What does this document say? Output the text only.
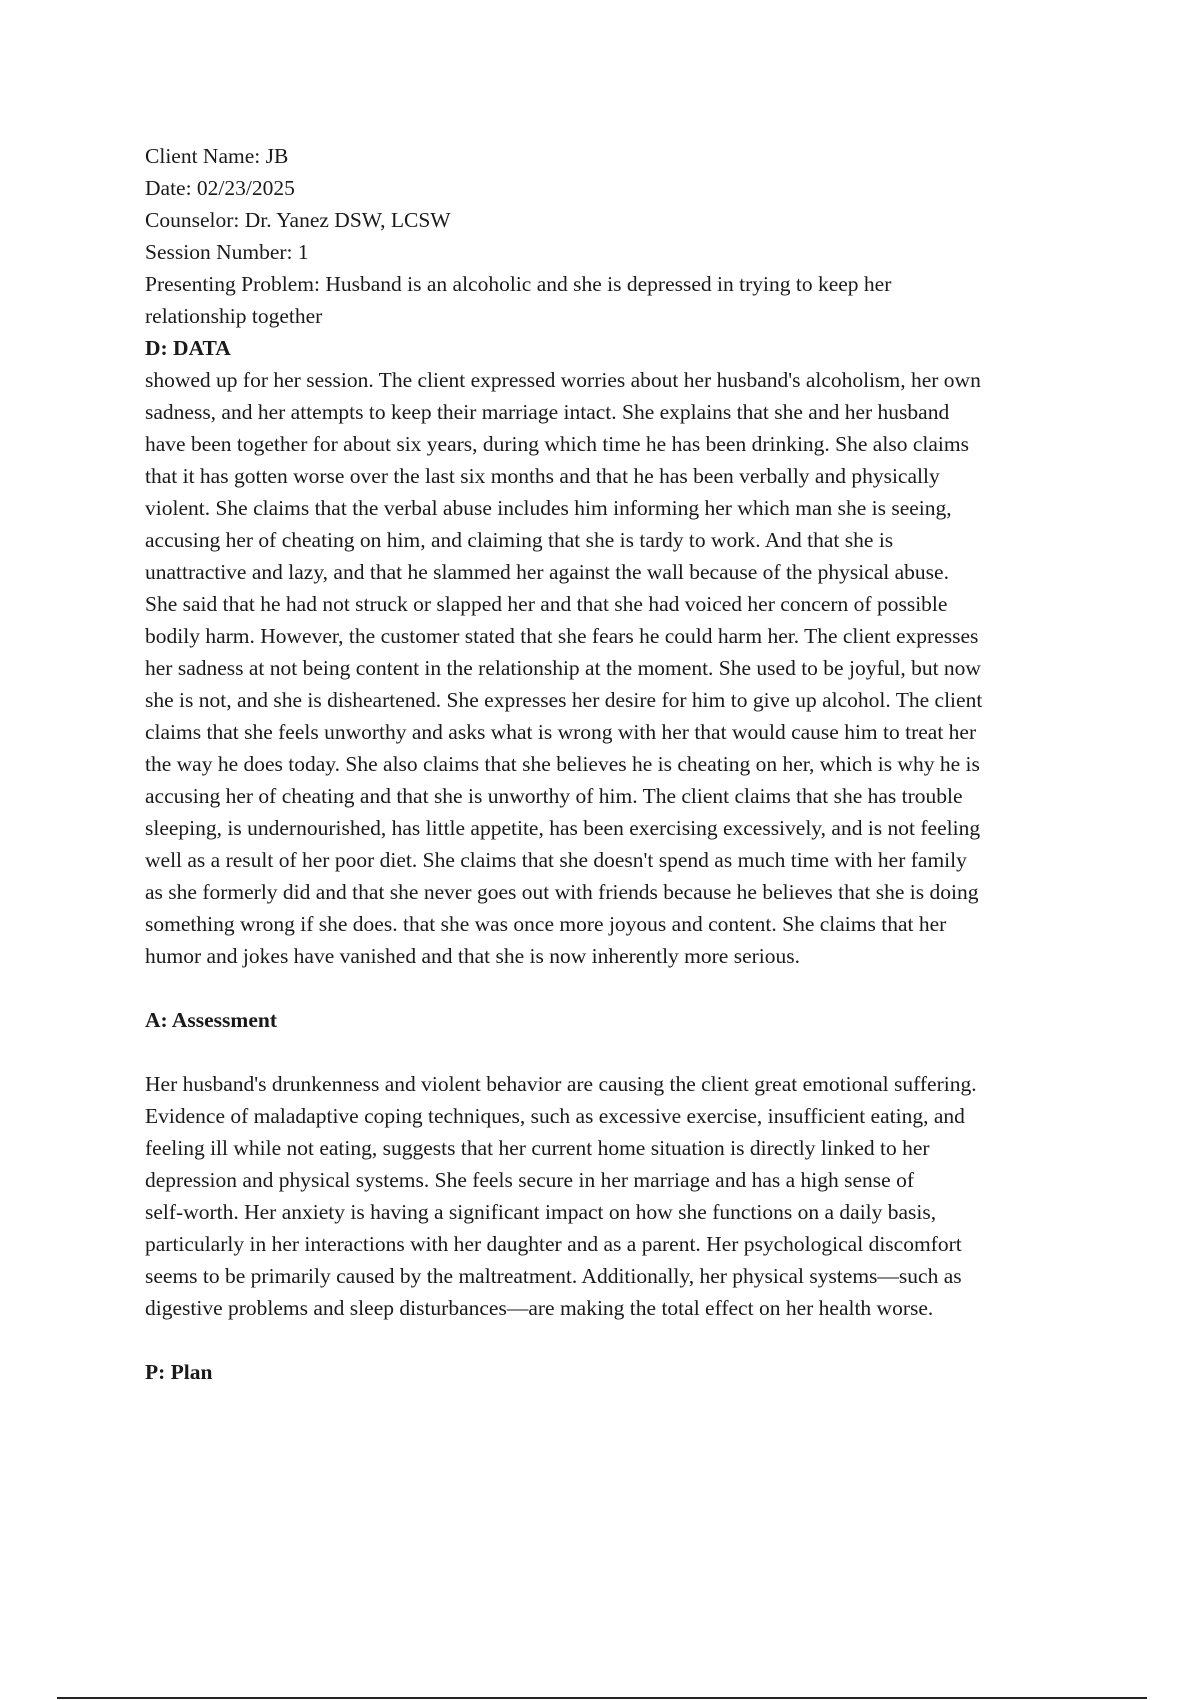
Client Name: JB
Date: 02/23/2025
Counselor: Dr. Yanez DSW, LCSW
Session Number: 1
Presenting Problem: Husband is an alcoholic and she is depressed in trying to keep her
relationship together
D: DATA
showed up for her session. The client expressed worries about her husband's alcoholism, her own
sadness, and her attempts to keep their marriage intact. She explains that she and her husband
have been together for about six years, during which time he has been drinking. She also claims
that it has gotten worse over the last six months and that he has been verbally and physically
violent. She claims that the verbal abuse includes him informing her which man she is seeing,
accusing her of cheating on him, and claiming that she is tardy to work. And that she is
unattractive and lazy, and that he slammed her against the wall because of the physical abuse.
She said that he had not struck or slapped her and that she had voiced her concern of possible
bodily harm. However, the customer stated that she fears he could harm her. The client expresses
her sadness at not being content in the relationship at the moment. She used to be joyful, but now
she is not, and she is disheartened. She expresses her desire for him to give up alcohol. The client
claims that she feels unworthy and asks what is wrong with her that would cause him to treat her
the way he does today. She also claims that she believes he is cheating on her, which is why he is
accusing her of cheating and that she is unworthy of him. The client claims that she has trouble
sleeping, is undernourished, has little appetite, has been exercising excessively, and is not feeling
well as a result of her poor diet. She claims that she doesn't spend as much time with her family
as she formerly did and that she never goes out with friends because he believes that she is doing
something wrong if she does. that she was once more joyous and content. She claims that her
humor and jokes have vanished and that she is now inherently more serious.
A: Assessment
Her husband's drunkenness and violent behavior are causing the client great emotional suffering.
Evidence of maladaptive coping techniques, such as excessive exercise, insufficient eating, and
feeling ill while not eating, suggests that her current home situation is directly linked to her
depression and physical systems. She feels secure in her marriage and has a high sense of
self-worth. Her anxiety is having a significant impact on how she functions on a daily basis,
particularly in her interactions with her daughter and as a parent. Her psychological discomfort
seems to be primarily caused by the maltreatment. Additionally, her physical systems—such as
digestive problems and sleep disturbances—are making the total effect on her health worse.
P: Plan
